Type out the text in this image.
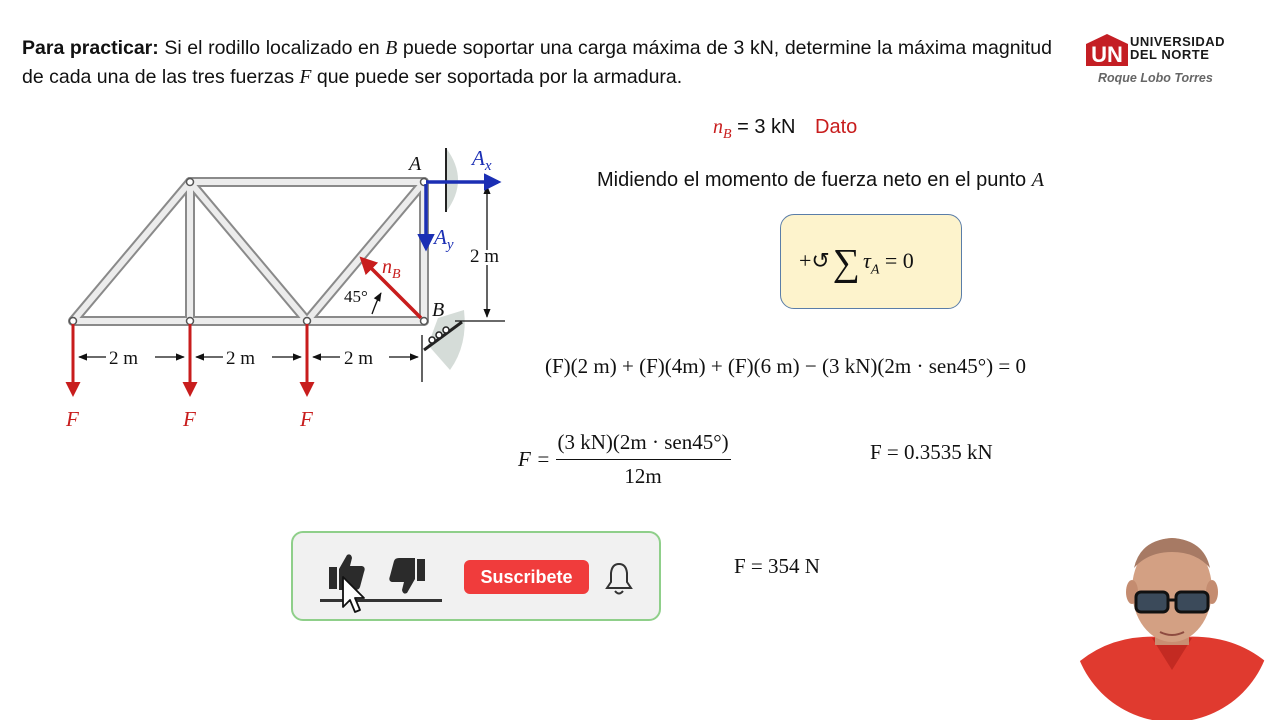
Para practicar: Si el rodillo localizado en B puede soportar una carga máxima de 3 kN, determine la máxima magnitud de cada una de las tres fuerzas F que puede ser soportada por la armadura.
UN
UNIVERSIDAD
DEL NORTE
Roque Lobo Torres
2 m
2 m	2 m	2 m
F	F	F
$n_B$
45°
$A_x$
$A_y$
A
B
$n_B = 3$ kN Dato
Midiendo el momento de fuerza neto en el punto A
+↺∑ $\tau_A = 0$
(F)(2 m) + (F)(4m) + (F)(6 m) − (3 kN)(2m · sen45°) = 0
$F = \frac{\text{(3 kN)(2m · sen45°)}}{12m}$	F = 0.3535 kN
F = 354 N
Suscribete
